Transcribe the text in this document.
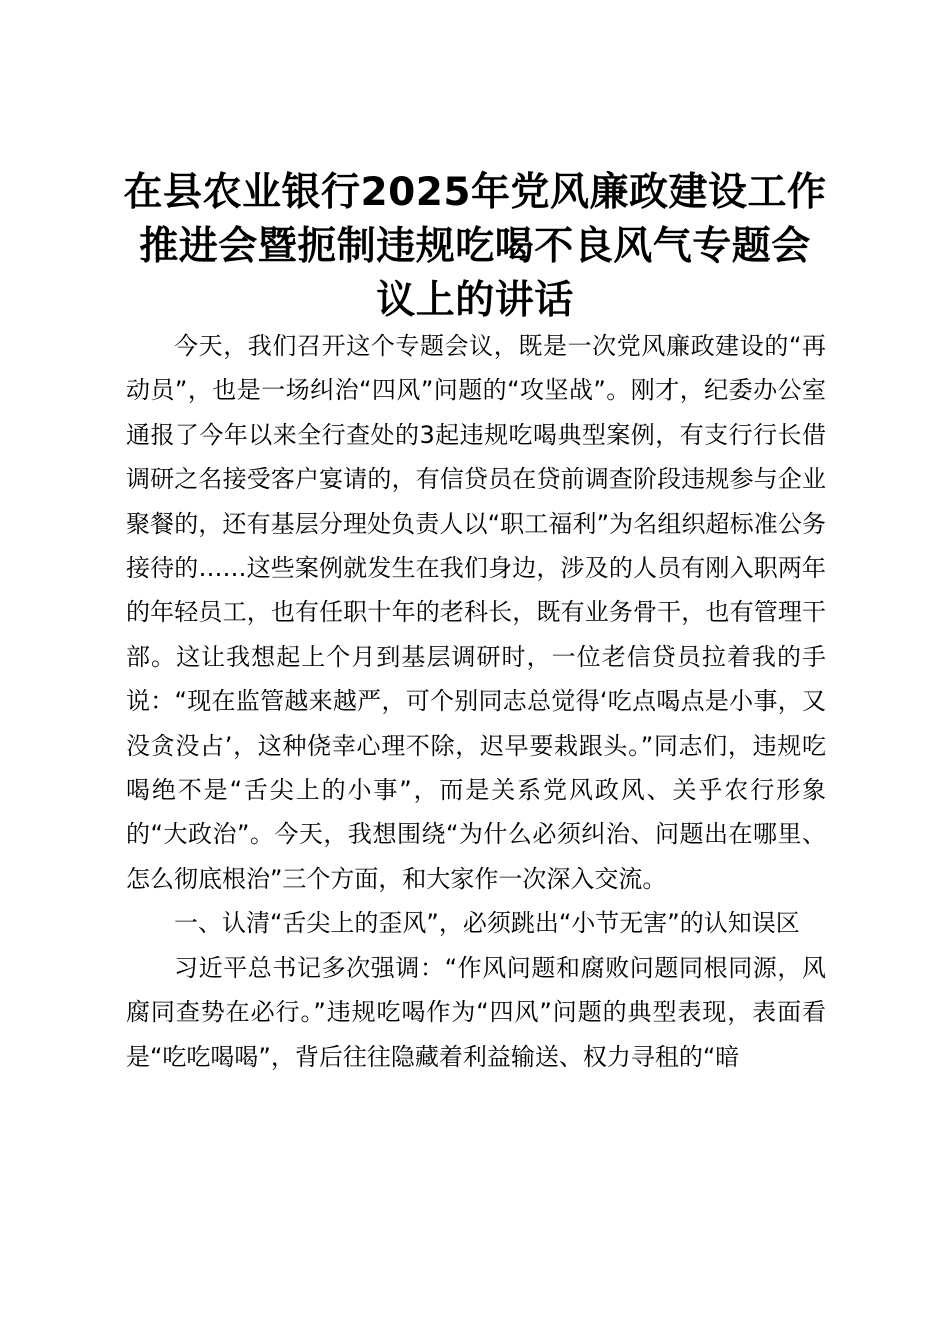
在县农业银行2025年党风廉政建设工作推进会暨扼制违规吃喝不良风气专题会议上的讲话

今天，我们召开这个专题会议，既是一次党风廉政建设的“再动员”，也是一场纠治“四风”问题的“攻坚战”。刚才，纪委办公室通报了今年以来全行查处的3起违规吃喝典型案例，有支行行长借调研之名接受客户宴请的，有信贷员在贷前调查阶段违规参与企业聚餐的，还有基层分理处负责人以“职工福利”为名组织超标准公务接待的……这些案例就发生在我们身边，涉及的人员有刚入职两年的年轻员工，也有任职十年的老科长，既有业务骨干，也有管理干部。这让我想起上个月到基层调研时，一位老信贷员拉着我的手说：“现在监管越来越严，可个别同志总觉得‘吃点喝点是小事，又没贪没占’，这种侥幸心理不除，迟早要栽跟头。”同志们，违规吃喝绝不是“舌尖上的小事”，而是关系党风政风、关乎农行形象的“大政治”。今天，我想围绕“为什么必须纠治、问题出在哪里、怎么彻底根治”三个方面，和大家作一次深入交流。

一、认清“舌尖上的歪风”，必须跳出“小节无害”的认知误区

习近平总书记多次强调：“作风问题和腐败问题同根同源，风腐同查势在必行。”违规吃喝作为“四风”问题的典型表现，表面看是“吃吃喝喝”，背后往往隐藏着利益输送、权力寻租的“暗
